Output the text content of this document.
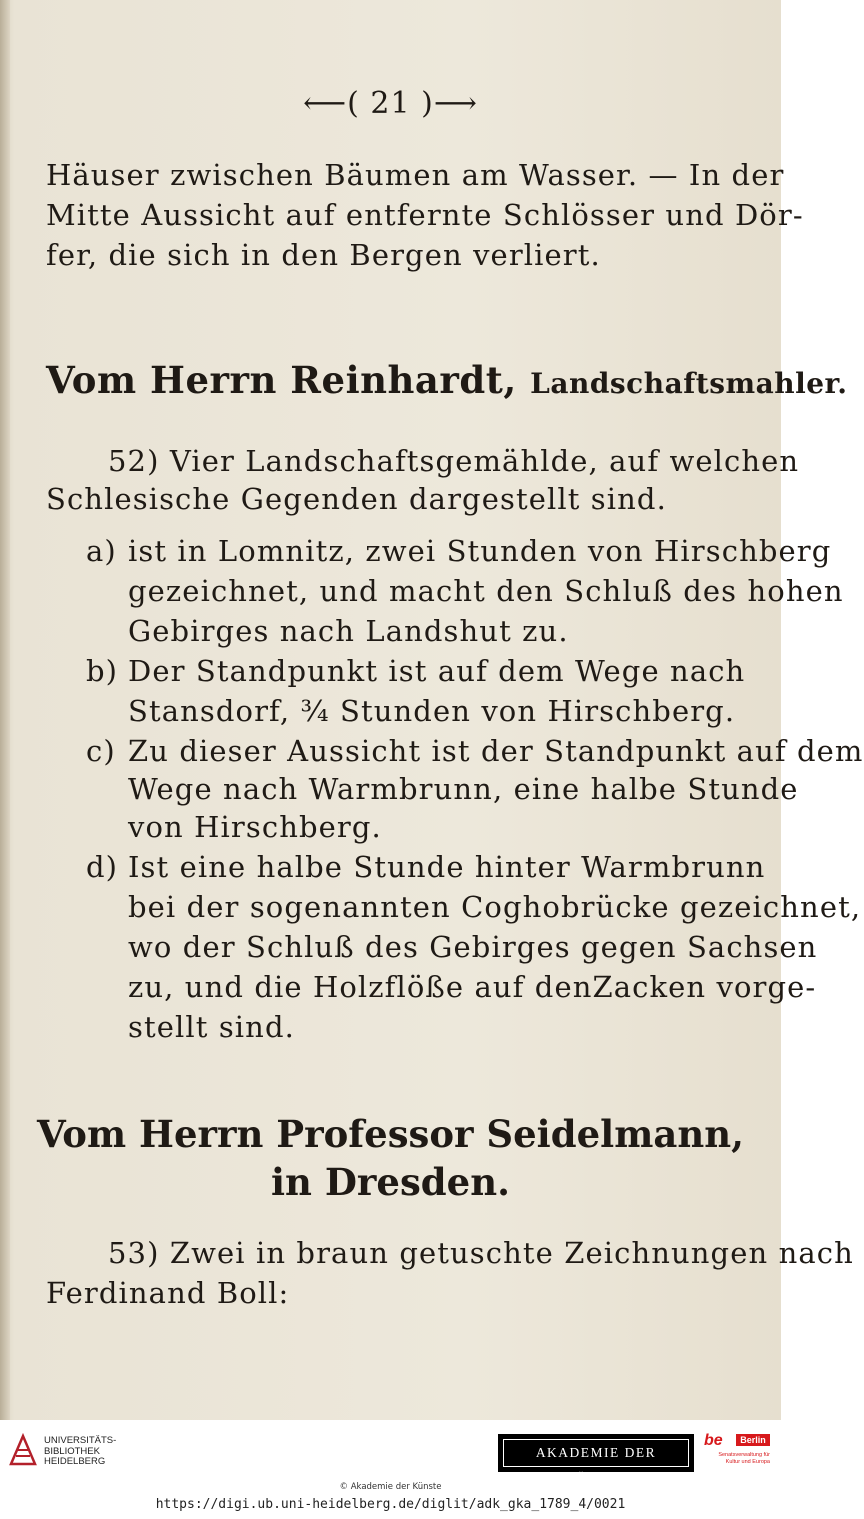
⟵( 21 )⟶
Häuser zwischen Bäumen am Wasser. — In der
Mitte Aussicht auf entfernte Schlösser und Dör-
fer, die sich in den Bergen verliert.
Vom Herrn Reinhardt, Landschaftsmahler.
52) Vier Landschaftsgemählde, auf welchen
Schlesische Gegenden dargestellt sind.
a) ist in Lomnitz, zwei Stunden von Hirschberg
gezeichnet, und macht den Schluß des hohen
Gebirges nach Landshut zu.
b) Der Standpunkt ist auf dem Wege nach
Stansdorf, ¾ Stunden von Hirschberg.
c) Zu dieser Aussicht ist der Standpunkt auf dem
Wege nach Warmbrunn, eine halbe Stunde
von Hirschberg.
d) Ist eine halbe Stunde hinter Warmbrunn
bei der sogenannten Coghobrücke gezeichnet,
wo der Schluß des Gebirges gegen Sachsen
zu, und die Holzflöße auf denZacken vorge-
stellt sind.
Vom Herrn Professor Seidelmann,
in Dresden.
53) Zwei in braun getuschte Zeichnungen nach
Ferdinand Boll:
UNIVERSITÄTS-
BIBLIOTHEK
HEIDELBERG
AKADEMIE DER KÜNSTE
be	Berlin
Senatsverwaltung für Kultur und Europa
© Akademie der Künste
https://digi.ub.uni-heidelberg.de/diglit/adk_gka_1789_4/0021
